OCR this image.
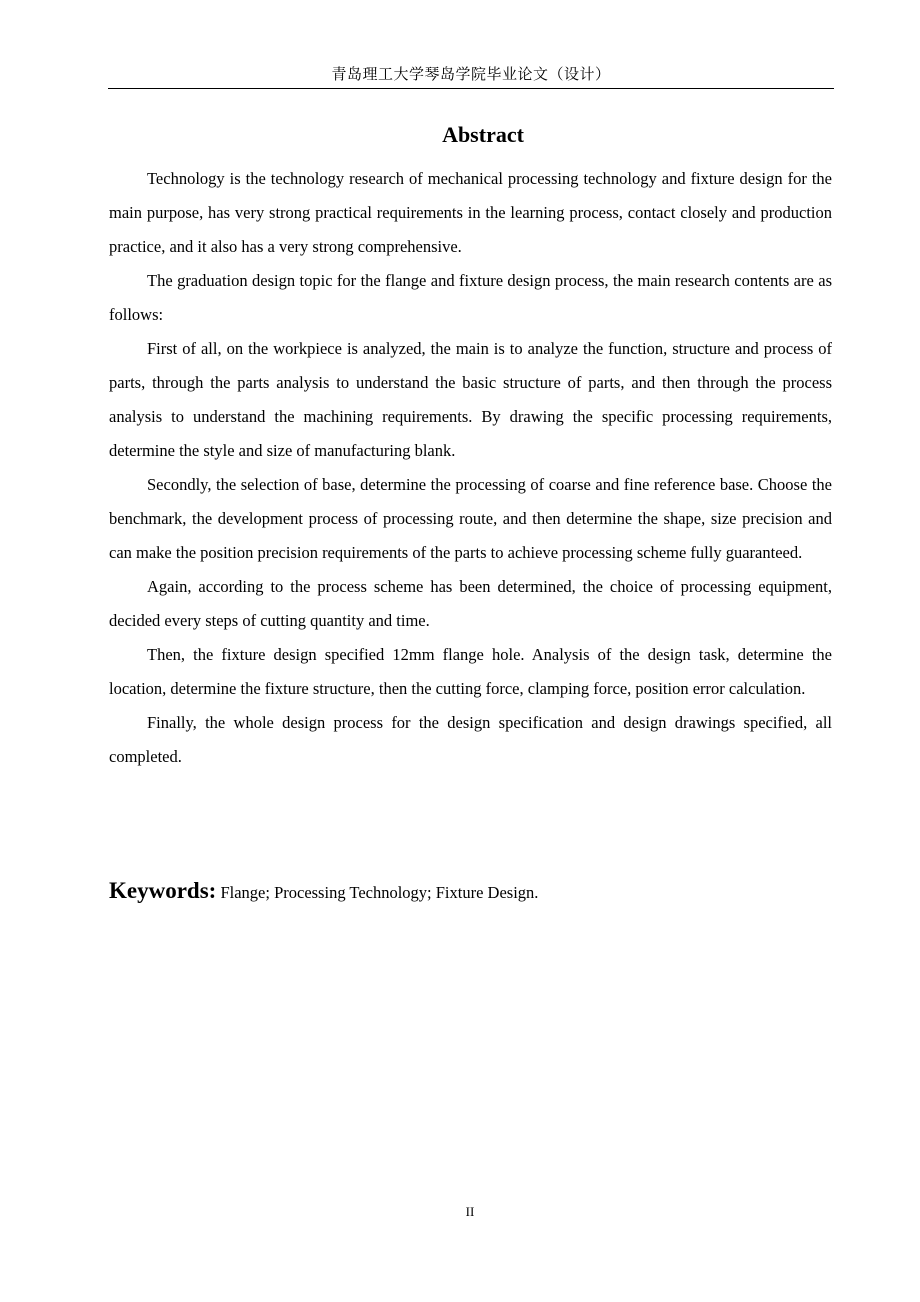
青岛理工大学琴岛学院毕业论文（设计）
Abstract

Technology is the technology research of mechanical processing technology and fixture design for the main purpose, has very strong practical requirements in the learning process, contact closely and production practice, and it also has a very strong comprehensive.

The graduation design topic for the flange and fixture design process, the main research contents are as follows:

First of all, on the workpiece is analyzed, the main is to analyze the function, structure and process of parts, through the parts analysis to understand the basic structure of parts, and then through the process analysis to understand the machining requirements. By drawing the specific processing requirements, determine the style and size of manufacturing blank.

Secondly, the selection of base, determine the processing of coarse and fine reference base. Choose the benchmark, the development process of processing route, and then determine the shape, size precision and can make the position precision requirements of the parts to achieve processing scheme fully guaranteed.

Again, according to the process scheme has been determined, the choice of processing equipment, decided every steps of cutting quantity and time.

Then, the fixture design specified 12mm flange hole. Analysis of the design task, determine the location, determine the fixture structure, then the cutting force, clamping force, position error calculation.

Finally, the whole design process for the design specification and design drawings specified, all completed.

Keywords: Flange; Processing Technology; Fixture Design.
II
